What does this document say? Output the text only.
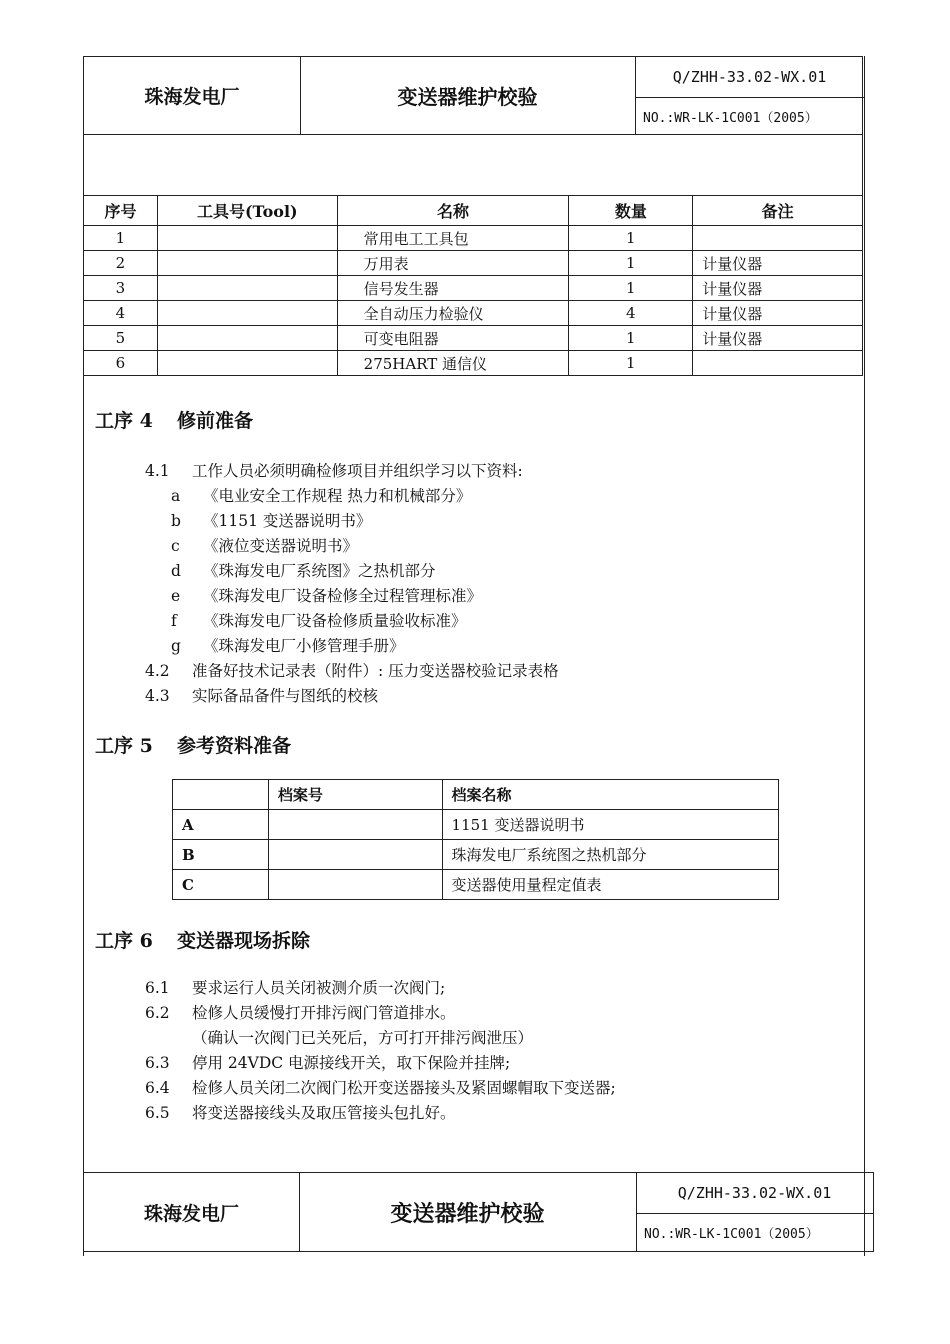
珠海发电厂	变送器维护校验
Q/ZHH-33.02-WX.01
NO.:WR-LK-1C001（2005）
序号	工具号(Tool)	名称	数量	备注
1		常用电工工具包	1	
2		万用表	1	计量仪器
3		信号发生器	1	计量仪器
4		全自动压力检验仪	4	计量仪器
5		可变电阻器	1	计量仪器
6		275HART 通信仪	1	
工序 4 修前准备
4.1 工作人员必须明确检修项目并组织学习以下资料:
a 《电业安全工作规程 热力和机械部分》
b 《1151 变送器说明书》
c 《液位变送器说明书》
d 《珠海发电厂系统图》之热机部分
e 《珠海发电厂设备检修全过程管理标准》
f 《珠海发电厂设备检修质量验收标准》
g 《珠海发电厂小修管理手册》
4.2 准备好技术记录表（附件）: 压力变送器校验记录表格
4.3 实际备品备件与图纸的校核
工序 5 参考资料准备
	档案号	档案名称
A		1151 变送器说明书
B		珠海发电厂系统图之热机部分
C		变送器使用量程定值表
工序 6 变送器现场拆除
6.1 要求运行人员关闭被测介质一次阀门;
6.2 检修人员缓慢打开排污阀门管道排水。
（确认一次阀门已关死后，方可打开排污阀泄压）
6.3 停用 24VDC 电源接线开关，取下保险并挂牌;
6.4 检修人员关闭二次阀门松开变送器接头及紧固螺帽取下变送器;
6.5 将变送器接线头及取压管接头包扎好。
珠海发电厂	变送器维护校验
Q/ZHH-33.02-WX.01
NO.:WR-LK-1C001（2005）
